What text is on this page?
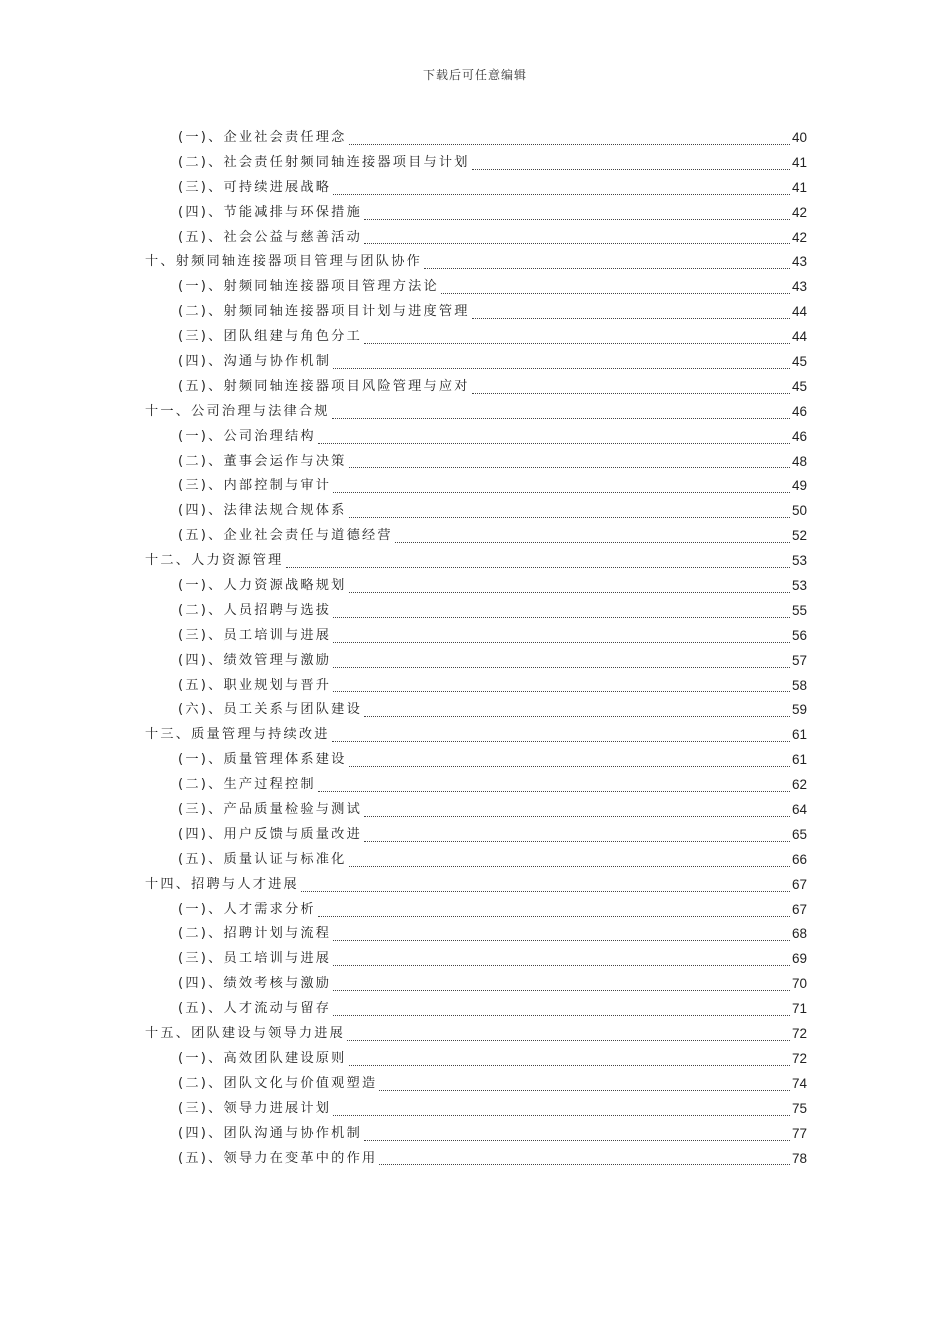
下载后可任意编辑
(一)、企业社会责任理念	40
(二)、社会责任射频同轴连接器项目与计划	41
(三)、可持续进展战略	41
(四)、节能减排与环保措施	42
(五)、社会公益与慈善活动	42
十、射频同轴连接器项目管理与团队协作	43
(一)、射频同轴连接器项目管理方法论	43
(二)、射频同轴连接器项目计划与进度管理	44
(三)、团队组建与角色分工	44
(四)、沟通与协作机制	45
(五)、射频同轴连接器项目风险管理与应对	45
十一、公司治理与法律合规	46
(一)、公司治理结构	46
(二)、董事会运作与决策	48
(三)、内部控制与审计	49
(四)、法律法规合规体系	50
(五)、企业社会责任与道德经营	52
十二、人力资源管理	53
(一)、人力资源战略规划	53
(二)、人员招聘与选拔	55
(三)、员工培训与进展	56
(四)、绩效管理与激励	57
(五)、职业规划与晋升	58
(六)、员工关系与团队建设	59
十三、质量管理与持续改进	61
(一)、质量管理体系建设	61
(二)、生产过程控制	62
(三)、产品质量检验与测试	64
(四)、用户反馈与质量改进	65
(五)、质量认证与标准化	66
十四、招聘与人才进展	67
(一)、人才需求分析	67
(二)、招聘计划与流程	68
(三)、员工培训与进展	69
(四)、绩效考核与激励	70
(五)、人才流动与留存	71
十五、团队建设与领导力进展	72
(一)、高效团队建设原则	72
(二)、团队文化与价值观塑造	74
(三)、领导力进展计划	75
(四)、团队沟通与协作机制	77
(五)、领导力在变革中的作用	78
